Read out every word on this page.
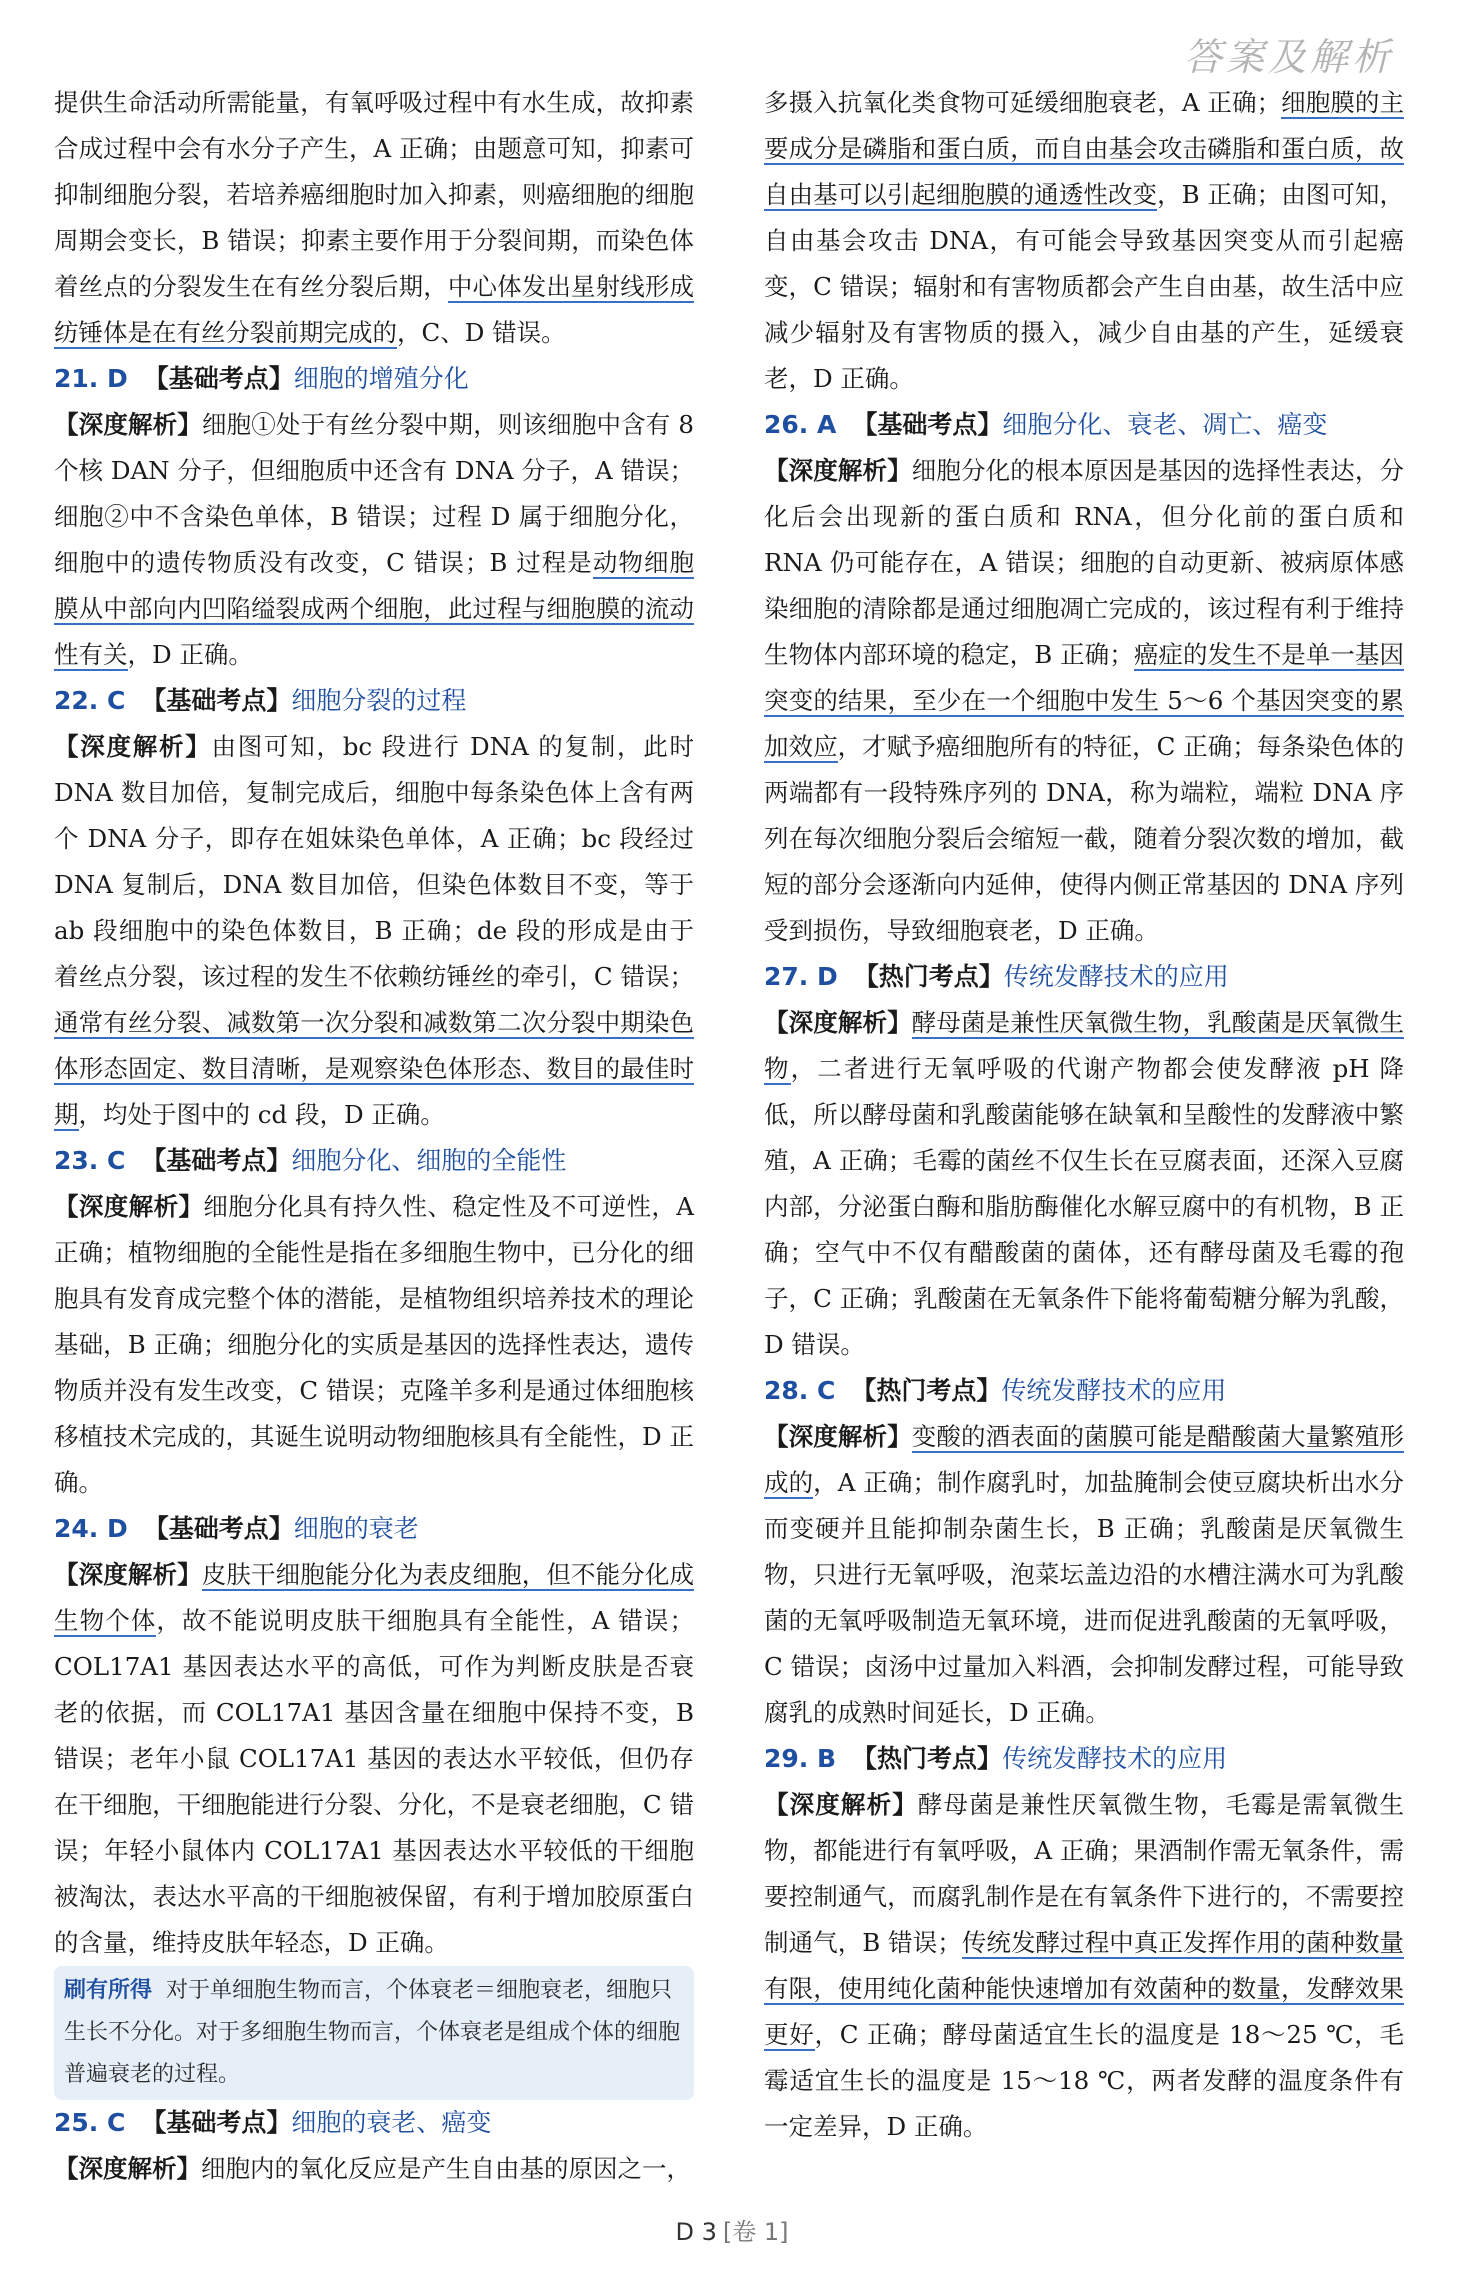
答案及解析

提供生命活动所需能量，有氧呼吸过程中有水生成，故抑素合成过程中会有水分子产生，A 正确；由题意可知，抑素可抑制细胞分裂，若培养癌细胞时加入抑素，则癌细胞的细胞周期会变长，B 错误；抑素主要作用于分裂间期，而染色体着丝点的分裂发生在有丝分裂后期，中心体发出星射线形成纺锤体是在有丝分裂前期完成的，C、D 错误。

21. D 【基础考点】细胞的增殖分化

【深度解析】细胞①处于有丝分裂中期，则该细胞中含有 8 个核 DAN 分子，但细胞质中还含有 DNA 分子，A 错误；细胞②中不含染色单体，B 错误；过程 D 属于细胞分化，细胞中的遗传物质没有改变，C 错误；B 过程是动物细胞膜从中部向内凹陷缢裂成两个细胞，此过程与细胞膜的流动性有关，D 正确。

22. C 【基础考点】细胞分裂的过程

【深度解析】由图可知，bc 段进行 DNA 的复制，此时 DNA 数目加倍，复制完成后，细胞中每条染色体上含有两个 DNA 分子，即存在姐妹染色单体，A 正确；bc 段经过 DNA 复制后，DNA 数目加倍，但染色体数目不变，等于 ab 段细胞中的染色体数目，B 正确；de 段的形成是由于着丝点分裂，该过程的发生不依赖纺锤丝的牵引，C 错误；通常有丝分裂、减数第一次分裂和减数第二次分裂中期染色体形态固定、数目清晰，是观察染色体形态、数目的最佳时期，均处于图中的 cd 段，D 正确。

23. C 【基础考点】细胞分化、细胞的全能性

【深度解析】细胞分化具有持久性、稳定性及不可逆性，A 正确；植物细胞的全能性是指在多细胞生物中，已分化的细胞具有发育成完整个体的潜能，是植物组织培养技术的理论基础，B 正确；细胞分化的实质是基因的选择性表达，遗传物质并没有发生改变，C 错误；克隆羊多利是通过体细胞核移植技术完成的，其诞生说明动物细胞核具有全能性，D 正确。

24. D 【基础考点】细胞的衰老

【深度解析】皮肤干细胞能分化为表皮细胞，但不能分化成生物个体，故不能说明皮肤干细胞具有全能性，A 错误；COL17A1 基因表达水平的高低，可作为判断皮肤是否衰老的依据，而 COL17A1 基因含量在细胞中保持不变，B 错误；老年小鼠 COL17A1 基因的表达水平较低，但仍存在干细胞，干细胞能进行分裂、分化，不是衰老细胞，C 错误；年轻小鼠体内 COL17A1 基因表达水平较低的干细胞被淘汰，表达水平高的干细胞被保留，有利于增加胶原蛋白的含量，维持皮肤年轻态，D 正确。

刷有所得 对于单细胞生物而言，个体衰老＝细胞衰老，细胞只生长不分化。对于多细胞生物而言，个体衰老是组成个体的细胞普遍衰老的过程。
25. C 【基础考点】细胞的衰老、癌变

【深度解析】细胞内的氧化反应是产生自由基的原因之一，

多摄入抗氧化类食物可延缓细胞衰老，A 正确；细胞膜的主要成分是磷脂和蛋白质，而自由基会攻击磷脂和蛋白质，故自由基可以引起细胞膜的通透性改变，B 正确；由图可知，自由基会攻击 DNA，有可能会导致基因突变从而引起癌变，C 错误；辐射和有害物质都会产生自由基，故生活中应减少辐射及有害物质的摄入，减少自由基的产生，延缓衰老，D 正确。

26. A 【基础考点】细胞分化、衰老、凋亡、癌变

【深度解析】细胞分化的根本原因是基因的选择性表达，分化后会出现新的蛋白质和 RNA，但分化前的蛋白质和 RNA 仍可能存在，A 错误；细胞的自动更新、被病原体感染细胞的清除都是通过细胞凋亡完成的，该过程有利于维持生物体内部环境的稳定，B 正确；癌症的发生不是单一基因突变的结果，至少在一个细胞中发生 5～6 个基因突变的累加效应，才赋予癌细胞所有的特征，C 正确；每条染色体的两端都有一段特殊序列的 DNA，称为端粒，端粒 DNA 序列在每次细胞分裂后会缩短一截，随着分裂次数的增加，截短的部分会逐渐向内延伸，使得内侧正常基因的 DNA 序列受到损伤，导致细胞衰老，D 正确。

27. D 【热门考点】传统发酵技术的应用

【深度解析】酵母菌是兼性厌氧微生物，乳酸菌是厌氧微生物，二者进行无氧呼吸的代谢产物都会使发酵液 pH 降低，所以酵母菌和乳酸菌能够在缺氧和呈酸性的发酵液中繁殖，A 正确；毛霉的菌丝不仅生长在豆腐表面，还深入豆腐内部，分泌蛋白酶和脂肪酶催化水解豆腐中的有机物，B 正确；空气中不仅有醋酸菌的菌体，还有酵母菌及毛霉的孢子，C 正确；乳酸菌在无氧条件下能将葡萄糖分解为乳酸，D 错误。

28. C 【热门考点】传统发酵技术的应用

【深度解析】变酸的酒表面的菌膜可能是醋酸菌大量繁殖形成的，A 正确；制作腐乳时，加盐腌制会使豆腐块析出水分而变硬并且能抑制杂菌生长，B 正确；乳酸菌是厌氧微生物，只进行无氧呼吸，泡菜坛盖边沿的水槽注满水可为乳酸菌的无氧呼吸制造无氧环境，进而促进乳酸菌的无氧呼吸，C 错误；卤汤中过量加入料酒，会抑制发酵过程，可能导致腐乳的成熟时间延长，D 正确。

29. B 【热门考点】传统发酵技术的应用

【深度解析】酵母菌是兼性厌氧微生物，毛霉是需氧微生物，都能进行有氧呼吸，A 正确；果酒制作需无氧条件，需要控制通气，而腐乳制作是在有氧条件下进行的，不需要控制通气，B 错误；传统发酵过程中真正发挥作用的菌种数量有限，使用纯化菌种能快速增加有效菌种的数量，发酵效果更好，C 正确；酵母菌适宜生长的温度是 18～25 ℃，毛霉适宜生长的温度是 15～18 ℃，两者发酵的温度条件有一定差异，D 正确。

D 3 [卷 1]
